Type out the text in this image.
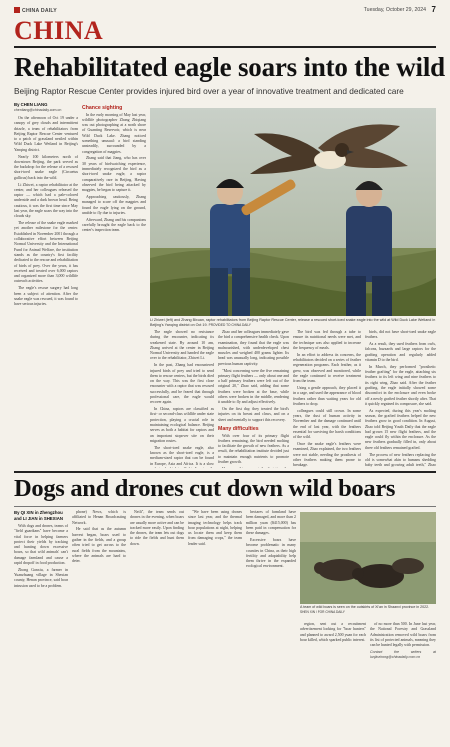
CHINA DAILY	Tuesday, October 29, 2024 7
CHINA
Rehabilitated eagle soars into the wild
Beijing Raptor Rescue Center provides injured bird over a year of innovative treatment and dedicated care
By CHEN LIANG
chenliang@chinadaily.com.cn

On the afternoon of Oct 19 under a canopy of grey clouds and intermittent drizzle, a team of rehabilitators from Beijing Raptor Rescue Center ventured to a patch of grassland nestled within Wild Duck Lake Wetland in Beijing's Yanqing district.

Nearly 100 kilometers north of downtown Beijing, the park served as the backdrop for the release of a rescued short-toed snake eagle (Circaetus gallicus) back into the wild.

Li Zhiwei, a raptor rehabilitator at the center, and her colleagues released the raptor — which had a pale-colored underside and a dark brown head. Being cautious, it was the first time since May last year, the eagle soars the way into the clouds sky.

The release of the snake eagle marked yet another milestone for the center. Established in November 2001 through a collaborative effort between Beijing Normal University and the International Fund for Animal Welfare, the institution stands as the country's first facility dedicated to the rescue and rehabilitation of birds of prey. Over the years, it has received and treated over 6,000 raptors and organized more than 3,000 wildlife outreach activities.

The eagle's rescue surgery had long been a subject of attention. After the snake eagle was rescued, it was found to have serious injuries.

Chance sighting

In the early morning of May last year, wildlife photographer Zhang Zhiqiang was out photographing at a north shore of Guanting Reservoir, which is near Wild Duck Lake. Zhang noticed something unusual: a bird standing unsteadily, surrounded by a congregation of magpies.

Zhang said that Jiang, who has over 30 years of birdwatching experience, immediately recognized the bird as a short-toed snake eagle, a raptor comparatively rare in Beijing. Having observed the bird being attacked by magpies, he began to capture it.

Approaching cautiously, Zhang managed to scare off the magpies and found the eagle lying on the ground, unable to fly due to injuries.

Afterward, Zhang and his companions carefully brought the eagle back to the center's inspection team.

Li Zhiwei (left) and Zhang Bixuan, raptor rehabilitators from Beijing Raptor Rescue Center, release a rescued short-toed snake eagle into the wild at Wild Duck Lake Wetland in Beijing's Yanqing district on Oct 19. PROVIDED TO CHINA DAILY

The eagle showed no resistance during the encounter, indicating its weakened state. By around 10 am, Zhang arrived at the center in Beijing Normal University and handed the eagle over to the rehabilitator, Zhiwei Li.

In the past, Zhang had encountered injured birds of prey and tried to send them to rescue centers, but the birds died on the way. This was the first close encounter with a raptor that was rescued successfully, and he feared that through professional care, the eagle would recover again.

In China, raptors are classified as first- or second-class wildlife under state protection, playing a crucial role in maintaining ecological balance. Beijing serves as both a habitat for raptors and an important stopover site on their migration routes.

The short-toed snake eagle, also known as the short-toed eagle, is a medium-sized raptor that can be found in Europe, Asia and Africa. It is a slow

Zhao and her colleagues immediately gave the bird a comprehensive health check. Upon examination, they found that the eagle was malnourished, with underdeveloped chest muscles and weighed 400 grams lighter. Its head was unusually long, indicating possible previous human captivity.

"Most concerning were the five remaining primary flight feathers — only about one and a half primary feathers were left out of the original 20," Zhao said, adding that some feathers were broken at the base, while others were broken in the middle, rendering it unable to fly and adjust effectively.

On the first day, they treated the bird's injuries on its breast and claws, and on a sheet and mentally to support this recovery.

Many difficulties

With over four of its primary flight feathers remaining, the bird needed molting to facilitate the growth of new feathers. As a result, the rehabilitation institute decided just to maintain enough nutrients to promote feather growth.

The bird was fed through a tube to ensure its nutritional needs were met, and the technique was also applied to increase the frequency of meals.

In an effort to address its concerns, the rehabilitators decided on a series of feather regeneration programs. Each feather, as it grew, was observed and monitored, while the eagle continued to receive treatment from the team.

Using a gentle approach, they placed it in a cage, and used the appearance of blood feathers rather than waiting years for old feathers to drop.

colleagues could still crown. In some years, the dust of human activity in November and the damage continued until the end of last year, with the feathers essential for surviving the harsh conditions of the wild.

Once the snake eagle's feathers were examined, Zhao explained, the two feathers were not stable, needing the prosthesis of other feathers making them prone to breakage.

birds, did not have short-toed snake eagle feathers.

As a result, they used feathers from owls, falcons, buzzards and large raptors for the grafting operation and regularly added vitamin D to the bird.

In March, they performed "prosthetic feather grafting" for the eagle, attaching six feathers to its left wing and nine feathers to its right wing, Zhao said. After the feather grafting, the eagle initially showed some discomfort in the enclosure and even broke off a newly grafted feather shortly after. That it quickly regained its composure, she said.

As expected, during this year's molting season, the grafted feathers helped the new feathers grow in good condition. In August, Zhao told Beijing Youth Daily that the eagle had grown 15 new flight feathers, and the eagle could fly within the enclosure. As the new feathers gradually filled in, only about three old feathers remained grafted.

The process of new feathers replacing the old is somewhat akin to humans shedding baby teeth and growing adult teeth," Zhao

Dogs and drones cut down wild boars
By QI XIN in Zhengzhou
and LI JIAN in SHEXIAN

With dogs and drones, teams of "field guardians" have become a vital force in helping farmers protect their yields by tracking and hunting down excessive boars, so that wild animals' can't damage farmland and cause a rapid dropoff in food production.

Zhong Ganxiu, a farmer in Yuanzhuang village in Shexian county, Henan province, said boar intrusion used to be a problem.

phone) News, which is affiliated to Henan Broadcasting Network.

He said that as the autumn harvest began, boars used to gather in the fields, and a group often tried to get across to the rural fields from the mountains, where the animals are hard to deter.

Neili", the team sends out drones in the evening, when boars are usually more active and can be tracked more easily. Upon finding the drones, the team lets out dogs to ride the fields and hunt them down.

"We have been using drones since last year, and the thermal imaging technology helps track boar populations at night, helping us locate them and keep them from damaging crops," the team leader said.

hectares of farmland have been damaged, and more than 2 million yuan ($415,000) has been paid in compensation for these damages.

Excessive boars have become problematic in many counties in China, as their high fertility and adaptability help them thrive in the expanded ecological environment.

A team of wild boars is seen on the outskirts of Xi'an in Shaanxi province in 2022. SHEN XIN / FOR CHINA DAILY

region, sent out a recruitment advertisement looking for "boar hunters" and planned to award 2,500 yuan for each boar killed, which sparked public interest.

of no more than 500. In June last year, the National Forestry and Grassland Administration removed wild boars from its list of protected animals, meaning they can be hunted legally with permission.

Contact the writers at lunjinzhong@chinadaily.com.cn
